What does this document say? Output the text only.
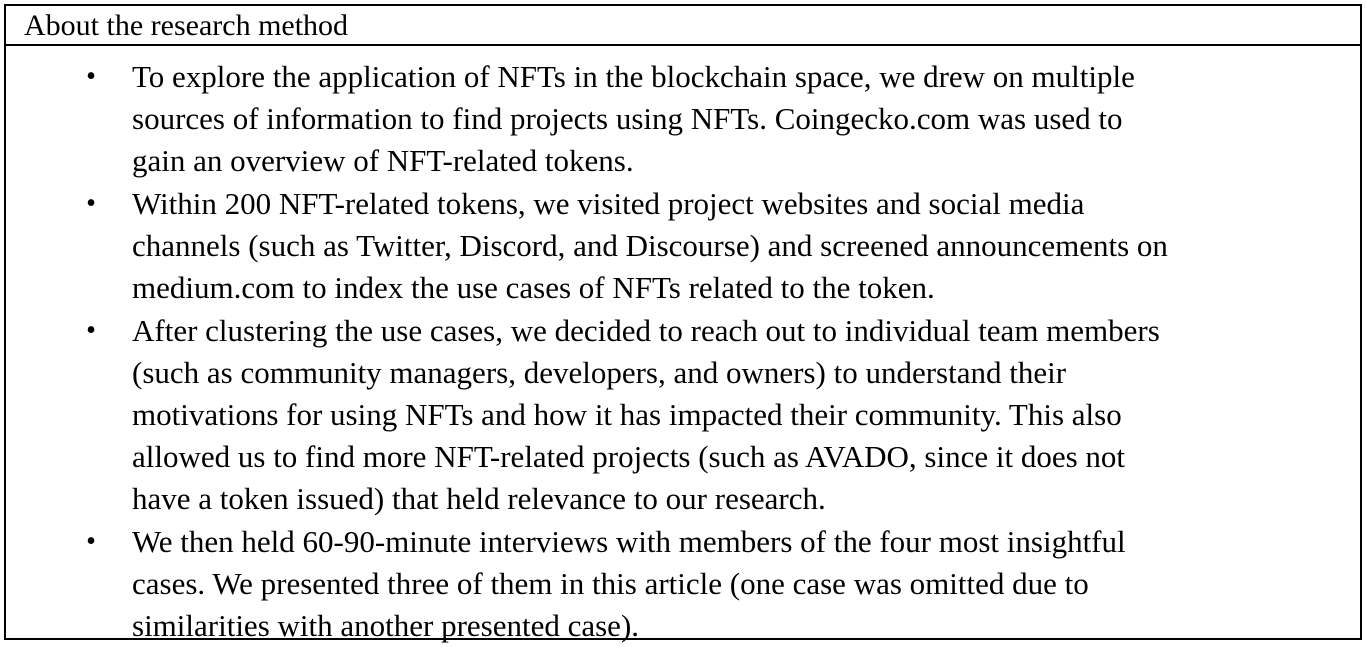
About the research method
• To explore the application of NFTs in the blockchain space, we drew on multiple
sources of information to find projects using NFTs. Coingecko.com was used to
gain an overview of NFT-related tokens.
• Within 200 NFT-related tokens, we visited project websites and social media
channels (such as Twitter, Discord, and Discourse) and screened announcements on
medium.com to index the use cases of NFTs related to the token.
• After clustering the use cases, we decided to reach out to individual team members
(such as community managers, developers, and owners) to understand their
motivations for using NFTs and how it has impacted their community. This also
allowed us to find more NFT-related projects (such as AVADO, since it does not
have a token issued) that held relevance to our research.
• We then held 60-90-minute interviews with members of the four most insightful
cases. We presented three of them in this article (one case was omitted due to
similarities with another presented case).
